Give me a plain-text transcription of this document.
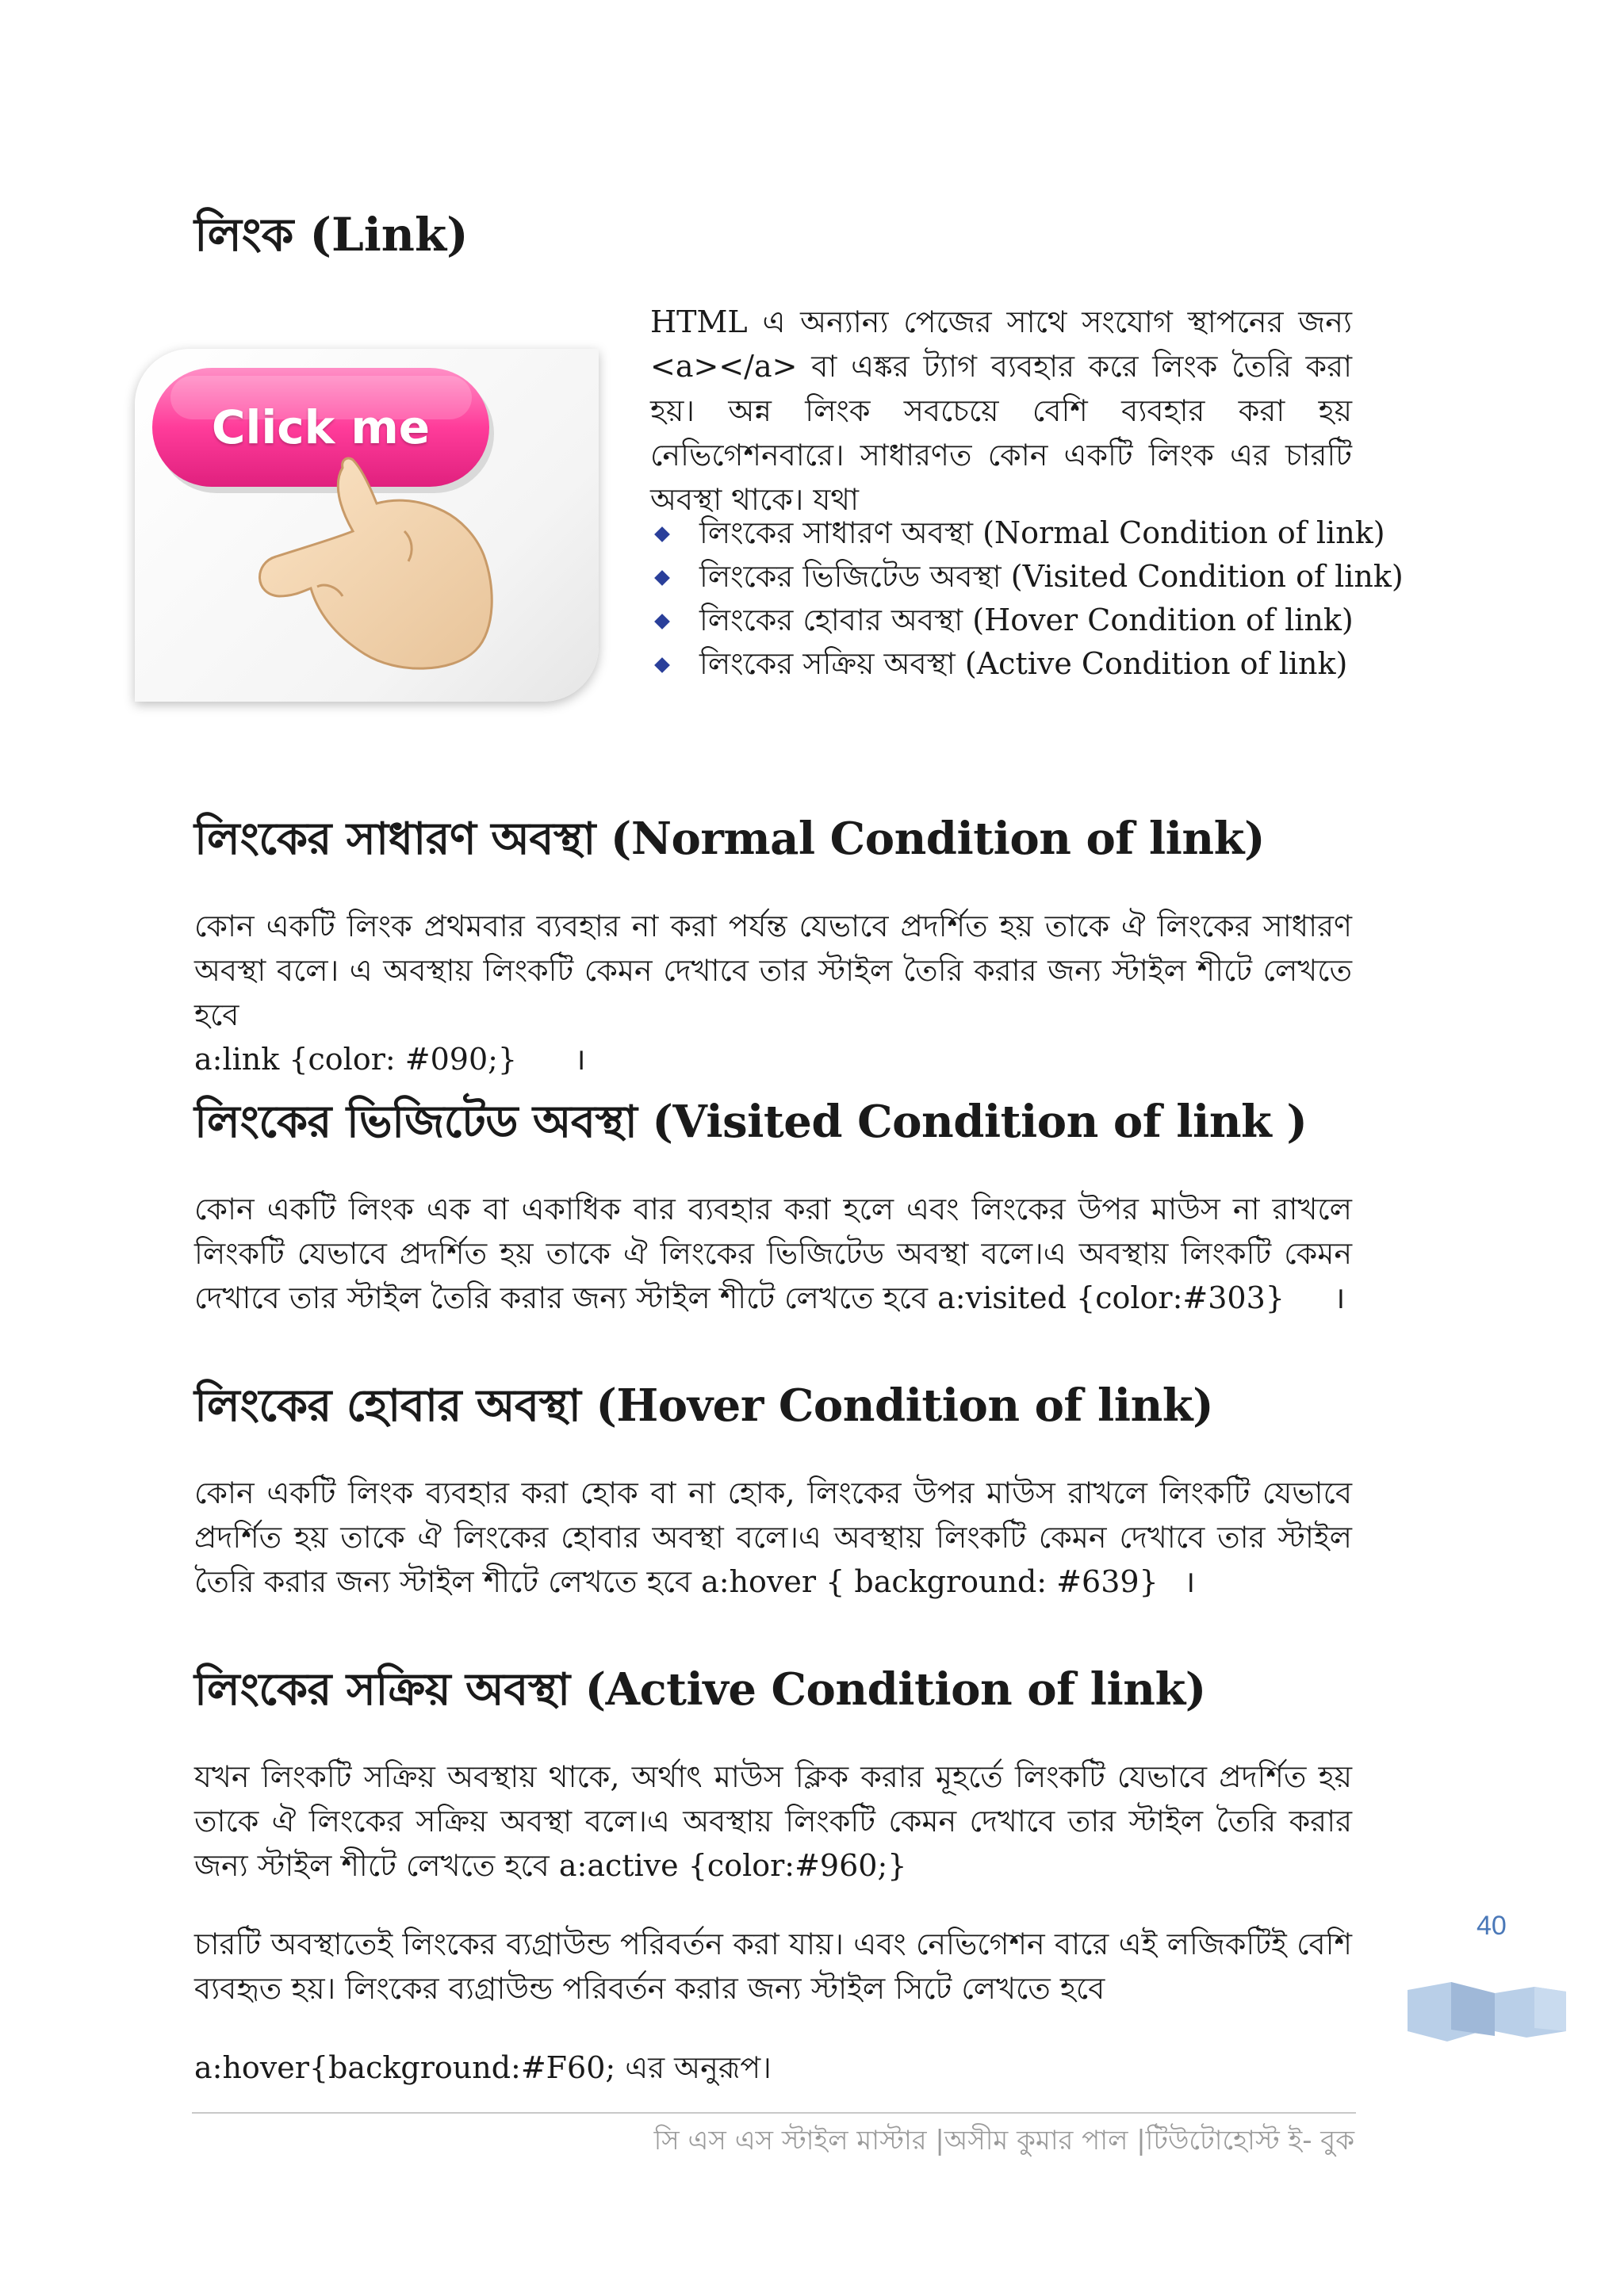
লিংক (Link)
Click me
HTML এ অন্যান্য পেজের সাথে সংযোগ স্থাপনের জন্য <a></a> বা এঙ্কর ট্যাগ ব্যবহার করে লিংক তৈরি করা হয়। অন্ন লিংক সবচেয়ে বেশি ব্যবহার করা হয় নেভিগেশনবারে। সাধারণত কোন একটি লিংক এর চারটি অবস্থা থাকে। যথা
লিংকের সাধারণ অবস্থা (Normal Condition of link)
লিংকের ভিজিটেড অবস্থা (Visited Condition of link)
লিংকের হোবার অবস্থা (Hover Condition of link)
লিংকের সক্রিয় অবস্থা (Active Condition of link)
লিংকের সাধারণ অবস্থা (Normal Condition of link)
কোন একটি লিংক প্রথমবার ব্যবহার না করা পর্যন্ত যেভাবে প্রদর্শিত হয় তাকে ঐ লিংকের সাধারণ অবস্থা বলে। এ অবস্থায় লিংকটি কেমন দেখাবে তার স্টাইল তৈরি করার জন্য স্টাইল শীটে লেখতে হবে
a:link {color: #090;} ।
লিংকের ভিজিটেড অবস্থা (Visited Condition of link )
কোন একটি লিংক এক বা একাধিক বার ব্যবহার করা হলে এবং লিংকের উপর মাউস না রাখলে লিংকটি যেভাবে প্রদর্শিত হয় তাকে ঐ লিংকের ভিজিটেড অবস্থা বলে।এ অবস্থায় লিংকটি কেমন দেখাবে তার স্টাইল তৈরি করার জন্য স্টাইল শীটে লেখতে হবে a:visited {color:#303} ।
লিংকের হোবার অবস্থা (Hover Condition of link)
কোন একটি লিংক ব্যবহার করা হোক বা না হোক, লিংকের উপর মাউস রাখলে লিংকটি যেভাবে প্রদর্শিত হয় তাকে ঐ লিংকের হোবার অবস্থা বলে।এ অবস্থায় লিংকটি কেমন দেখাবে তার স্টাইল তৈরি করার জন্য স্টাইল শীটে লেখতে হবে a:hover { background: #639} ।
লিংকের সক্রিয় অবস্থা (Active Condition of link)
যখন লিংকটি সক্রিয় অবস্থায় থাকে, অর্থাৎ মাউস ক্লিক করার মূহর্তে লিংকটি যেভাবে প্রদর্শিত হয় তাকে ঐ লিংকের সক্রিয় অবস্থা বলে।এ অবস্থায় লিংকটি কেমন দেখাবে তার স্টাইল তৈরি করার জন্য স্টাইল শীটে লেখতে হবে a:active {color:#960;}
চারটি অবস্থাতেই লিংকের ব্যগ্রাউন্ড পরিবর্তন করা যায়। এবং নেভিগেশন বারে এই লজিকটিই বেশি ব্যবহৃত হয়। লিংকের ব্যগ্রাউন্ড পরিবর্তন করার জন্য স্টাইল সিটে লেখতে হবে
a:hover{background:#F60; এর অনুরূপ।
40
সি এস এস স্টাইল মাস্টার |অসীম কুমার পাল |টিউটোহোস্ট ই- বুক
